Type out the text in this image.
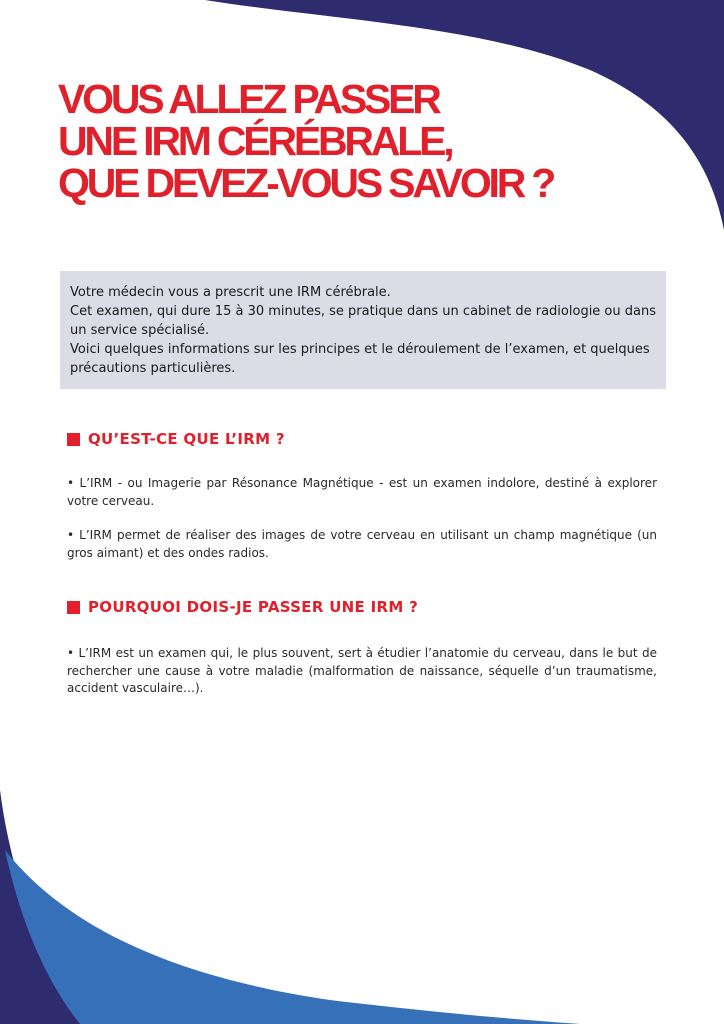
VOUS ALLEZ PASSER
UNE IRM CÉRÉBRALE,
QUE DEVEZ-VOUS SAVOIR ?
Votre médecin vous a prescrit une IRM cérébrale.
Cet examen, qui dure 15 à 30 minutes, se pratique dans un cabinet de radiologie ou dans un service spécialisé.
Voici quelques informations sur les principes et le déroulement de l’examen, et quelques précautions particulières.
QU’EST-CE QUE L’IRM ?

• L’IRM - ou Imagerie par Résonance Magnétique - est un examen indolore, destiné à explorer votre cerveau.

• L’IRM permet de réaliser des images de votre cerveau en utilisant un champ magnétique (un gros aimant) et des ondes radios.

POURQUOI DOIS-JE PASSER UNE IRM ?

• L’IRM est un examen qui, le plus souvent, sert à étudier l’anatomie du cerveau, dans le but de rechercher une cause à votre maladie (malformation de naissance, séquelle d’un traumatisme, accident vasculaire…).
